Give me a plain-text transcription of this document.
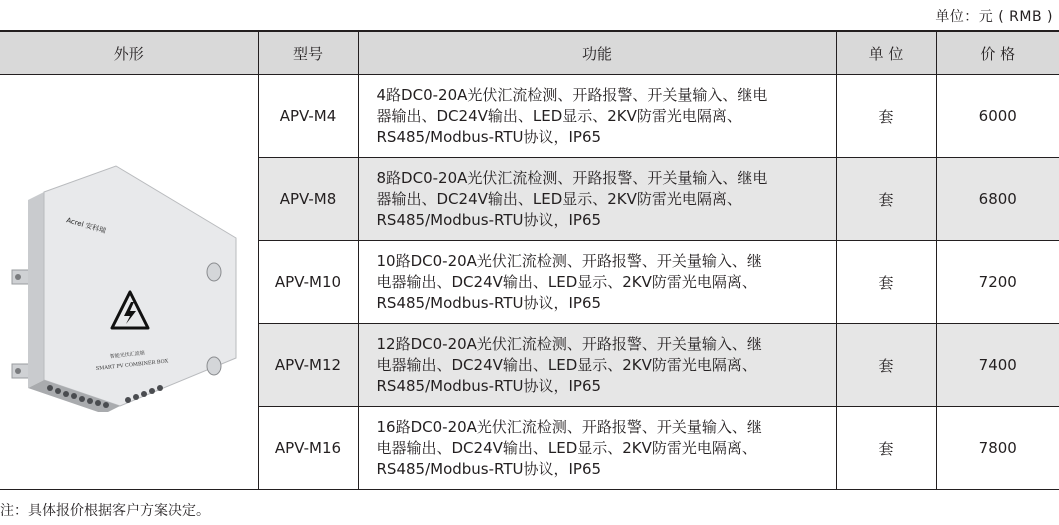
单位：元 ( RMB )
外形	型号	功能	单 位	价 格

Acrel 安科瑞
智能光伏汇流箱
SMART PV COMBINER BOX	APV-M4	4路DC0-20A光伏汇流检测、开路报警、开关量输入、继电
器输出、DC24V输出、LED显示、2KV防雷光电隔离、
RS485/Modbus-RTU协议，IP65	套	6000
	APV-M8	8路DC0-20A光伏汇流检测、开路报警、开关量输入、继电
器输出、DC24V输出、LED显示、2KV防雷光电隔离、
RS485/Modbus-RTU协议，IP65	套	6800
	APV-M10	10路DC0-20A光伏汇流检测、开路报警、开关量输入、继
电器输出、DC24V输出、LED显示、2KV防雷光电隔离、
RS485/Modbus-RTU协议，IP65	套	7200
	APV-M12	12路DC0-20A光伏汇流检测、开路报警、开关量输入、继
电器输出、DC24V输出、LED显示、2KV防雷光电隔离、
RS485/Modbus-RTU协议，IP65	套	7400
	APV-M16	16路DC0-20A光伏汇流检测、开路报警、开关量输入、继
电器输出、DC24V输出、LED显示、2KV防雷光电隔离、
RS485/Modbus-RTU协议，IP65	套	7800
注：具体报价根据客户方案决定。
